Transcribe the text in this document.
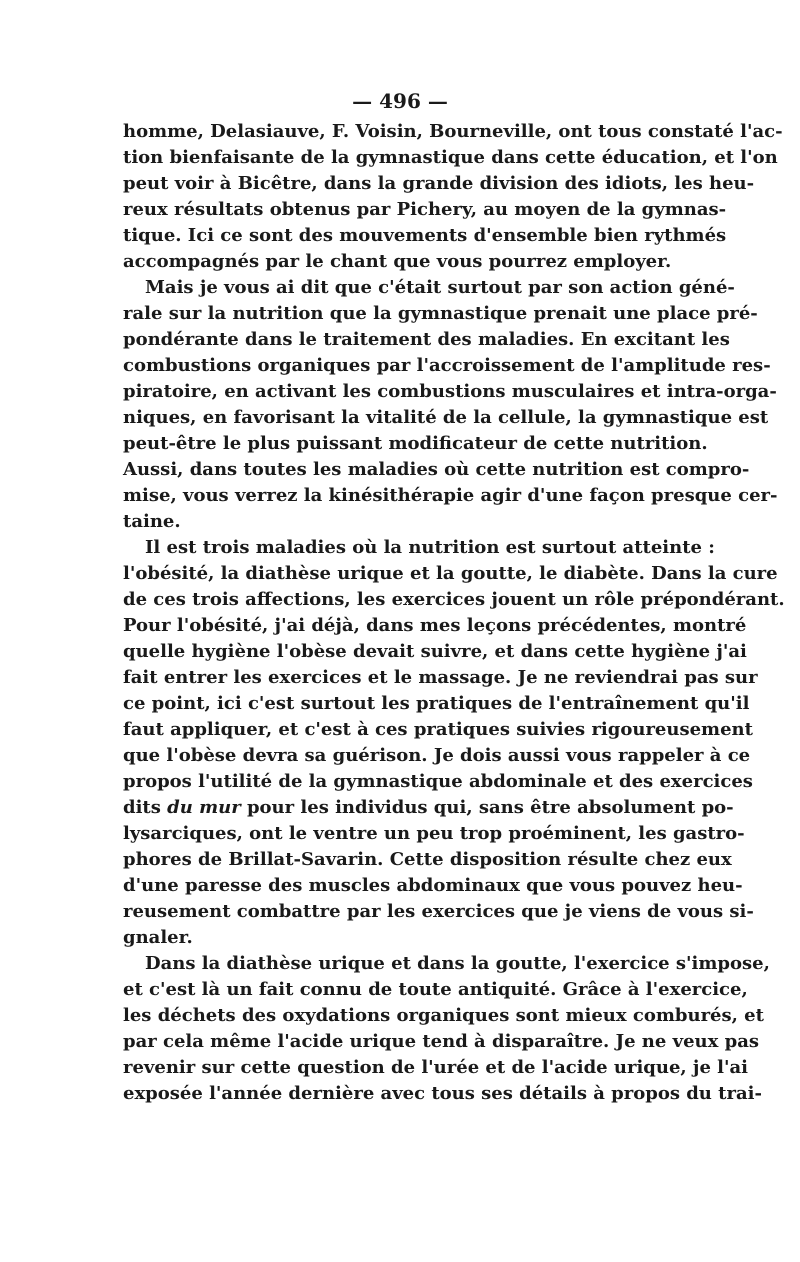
— 496 —
homme, Delasiauve, F. Voisin, Bourneville, ont tous constaté l'ac-
tion bienfaisante de la gymnastique dans cette éducation, et l'on
peut voir à Bicêtre, dans la grande division des idiots, les heu-
reux résultats obtenus par Pichery, au moyen de la gymnas-
tique. Ici ce sont des mouvements d'ensemble bien rythmés
accompagnés par le chant que vous pourrez employer.
Mais je vous ai dit que c'était surtout par son action géné-
rale sur la nutrition que la gymnastique prenait une place pré-
pondérante dans le traitement des maladies. En excitant les
combustions organiques par l'accroissement de l'amplitude res-
piratoire, en activant les combustions musculaires et intra-orga-
niques, en favorisant la vitalité de la cellule, la gymnastique est
peut-être le plus puissant modificateur de cette nutrition.
Aussi, dans toutes les maladies où cette nutrition est compro-
mise, vous verrez la kinésithérapie agir d'une façon presque cer-
taine.
Il est trois maladies où la nutrition est surtout atteinte :
l'obésité, la diathèse urique et la goutte, le diabète. Dans la cure
de ces trois affections, les exercices jouent un rôle prépondérant.
Pour l'obésité, j'ai déjà, dans mes leçons précédentes, montré
quelle hygiène l'obèse devait suivre, et dans cette hygiène j'ai
fait entrer les exercices et le massage. Je ne reviendrai pas sur
ce point, ici c'est surtout les pratiques de l'entraînement qu'il
faut appliquer, et c'est à ces pratiques suivies rigoureusement
que l'obèse devra sa guérison. Je dois aussi vous rappeler à ce
propos l'utilité de la gymnastique abdominale et des exercices
dits du mur pour les individus qui, sans être absolument po-
lysarciques, ont le ventre un peu trop proéminent, les gastro-
phores de Brillat-Savarin. Cette disposition résulte chez eux
d'une paresse des muscles abdominaux que vous pouvez heu-
reusement combattre par les exercices que je viens de vous si-
gnaler.
Dans la diathèse urique et dans la goutte, l'exercice s'impose,
et c'est là un fait connu de toute antiquité. Grâce à l'exercice,
les déchets des oxydations organiques sont mieux comburés, et
par cela même l'acide urique tend à disparaître. Je ne veux pas
revenir sur cette question de l'urée et de l'acide urique, je l'ai
exposée l'année dernière avec tous ses détails à propos du trai-
